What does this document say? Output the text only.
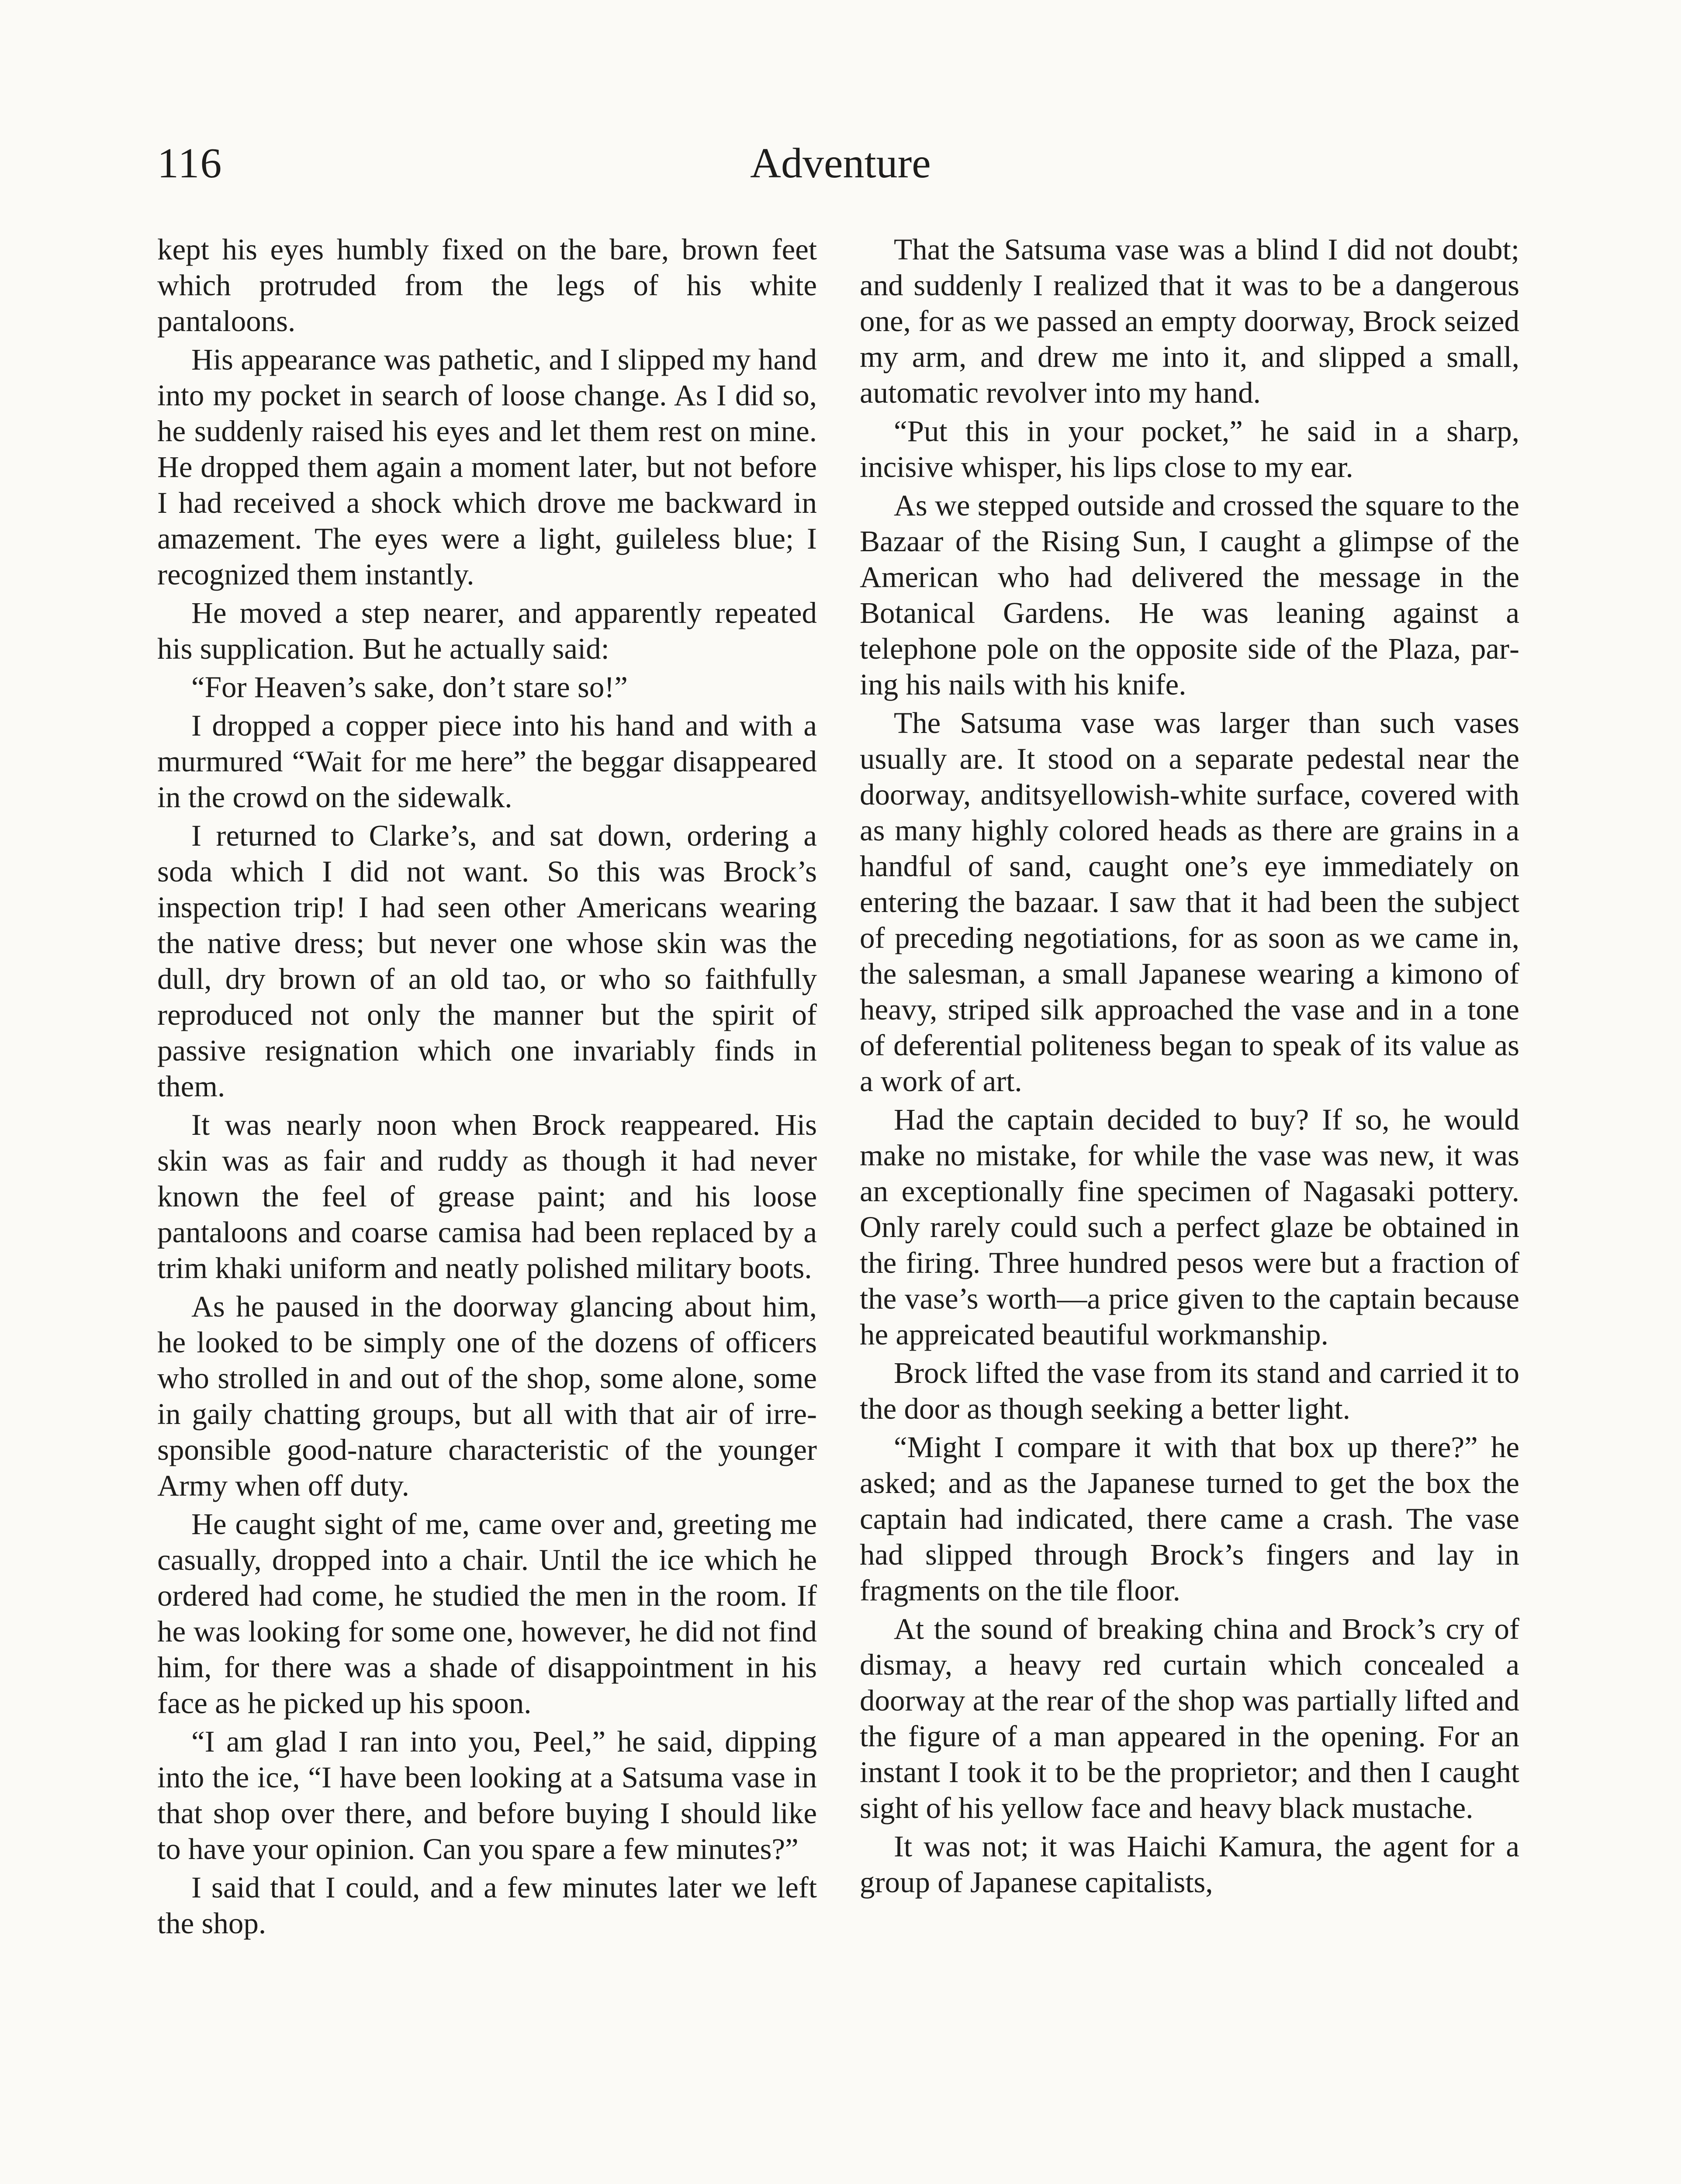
116	Adventure

kept his eyes humbly fixed on the bare, brown feet which protruded from the legs of his white pantaloons.

His appearance was pathetic, and I slipped my hand into my pocket in search of loose change. As I did so, he suddenly raised his eyes and let them rest on mine. He dropped them again a moment later, but not before I had received a shock which drove me backward in amazement. The eyes were a light, guileless blue; I recognized them instantly.

He moved a step nearer, and apparently repeated his supplication. But he actually said:

“For Heaven’s sake, don’t stare so!”

I dropped a copper piece into his hand and with a murmured “Wait for me here” the beggar disappeared in the crowd on the sidewalk.

I returned to Clarke’s, and sat down, ordering a soda which I did not want. So this was Brock’s inspection trip! I had seen other Americans wearing the native dress; but never one whose skin was the dull, dry brown of an old tao, or who so faithfully reproduced not only the manner but the spirit of passive resignation which one invariably finds in them.

It was nearly noon when Brock reappeared. His skin was as fair and ruddy as though it had never known the feel of grease paint; and his loose pantaloons and coarse camisa had been replaced by a trim khaki uniform and neatly polished military boots.

As he paused in the doorway glancing about him, he looked to be simply one of the dozens of officers who strolled in and out of the shop, some alone, some in gaily chatting groups, but all with that air of irresponsible good-nature characteristic of the younger Army when off duty.

He caught sight of me, came over and, greeting me casually, dropped into a chair. Until the ice which he ordered had come, he studied the men in the room. If he was looking for some one, however, he did not find him, for there was a shade of disappointment in his face as he picked up his spoon.

“I am glad I ran into you, Peel,” he said, dipping into the ice, “I have been looking at a Satsuma vase in that shop over there, and before buying I should like to have your opinion. Can you spare a few minutes?”

I said that I could, and a few minutes later we left the shop.

That the Satsuma vase was a blind I did not doubt; and suddenly I realized that it was to be a dangerous one, for as we passed an empty doorway, Brock seized my arm, and drew me into it, and slipped a small, automatic revolver into my hand.

“Put this in your pocket,” he said in a sharp, incisive whisper, his lips close to my ear.

As we stepped outside and crossed the square to the Bazaar of the Rising Sun, I caught a glimpse of the American who had delivered the message in the Botanical Gardens. He was leaning against a telephone pole on the opposite side of the Plaza, paring his nails with his knife.

The Satsuma vase was larger than such vases usually are. It stood on a separate pedestal near the doorway, anditsyellowish-white surface, covered with as many highly colored heads as there are grains in a handful of sand, caught one’s eye immediately on entering the bazaar. I saw that it had been the subject of preceding negotiations, for as soon as we came in, the salesman, a small Japanese wearing a kimono of heavy, striped silk approached the vase and in a tone of deferential politeness began to speak of its value as a work of art.

Had the captain decided to buy? If so, he would make no mistake, for while the vase was new, it was an exceptionally fine specimen of Nagasaki pottery. Only rarely could such a perfect glaze be obtained in the firing. Three hundred pesos were but a fraction of the vase’s worth—a price given to the captain because he appreicated beautiful workmanship.

Brock lifted the vase from its stand and carried it to the door as though seeking a better light.

“Might I compare it with that box up there?” he asked; and as the Japanese turned to get the box the captain had indicated, there came a crash. The vase had slipped through Brock’s fingers and lay in fragments on the tile floor.

At the sound of breaking china and Brock’s cry of dismay, a heavy red curtain which concealed a doorway at the rear of the shop was partially lifted and the figure of a man appeared in the opening. For an instant I took it to be the proprietor; and then I caught sight of his yellow face and heavy black mustache.

It was not; it was Haichi Kamura, the agent for a group of Japanese capitalists,
